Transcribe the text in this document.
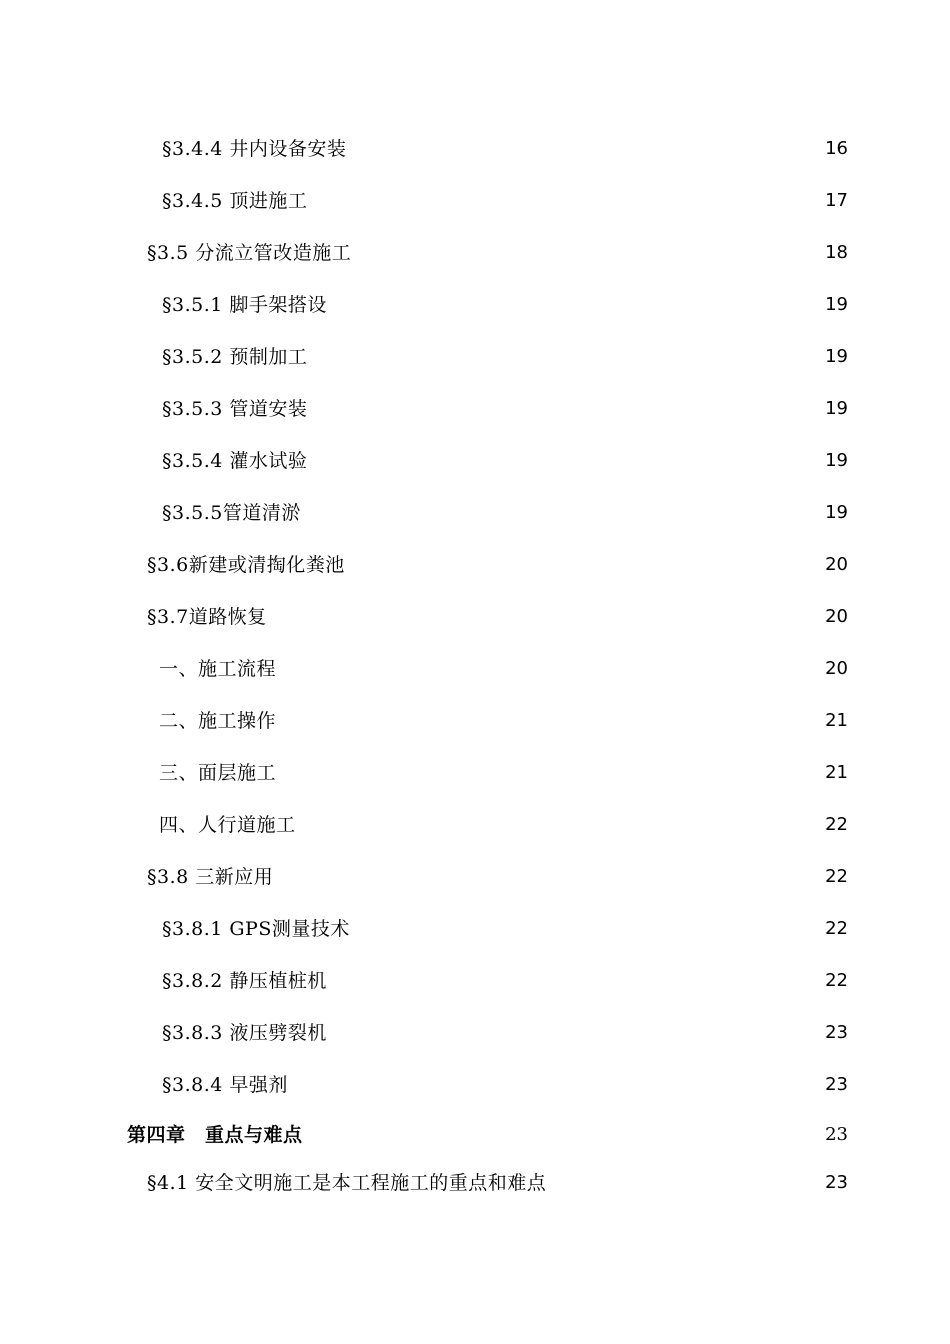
§3.4.4 井内设备安装	16
§3.4.5 顶进施工	17
§3.5 分流立管改造施工	18
§3.5.1 脚手架搭设	19
§3.5.2 预制加工	19
§3.5.3 管道安装	19
§3.5.4 灌水试验	19
§3.5.5管道清淤	19
§3.6新建或清掏化粪池	20
§3.7道路恢复	20
一、施工流程	20
二、施工操作	21
三、面层施工	21
四、人行道施工	22
§3.8 三新应用	22
§3.8.1 GPS测量技术	22
§3.8.2 静压植桩机	22
§3.8.3 液压劈裂机	23
§3.8.4 早强剂	23
第四章　重点与难点	23
§4.1 安全文明施工是本工程施工的重点和难点	23
